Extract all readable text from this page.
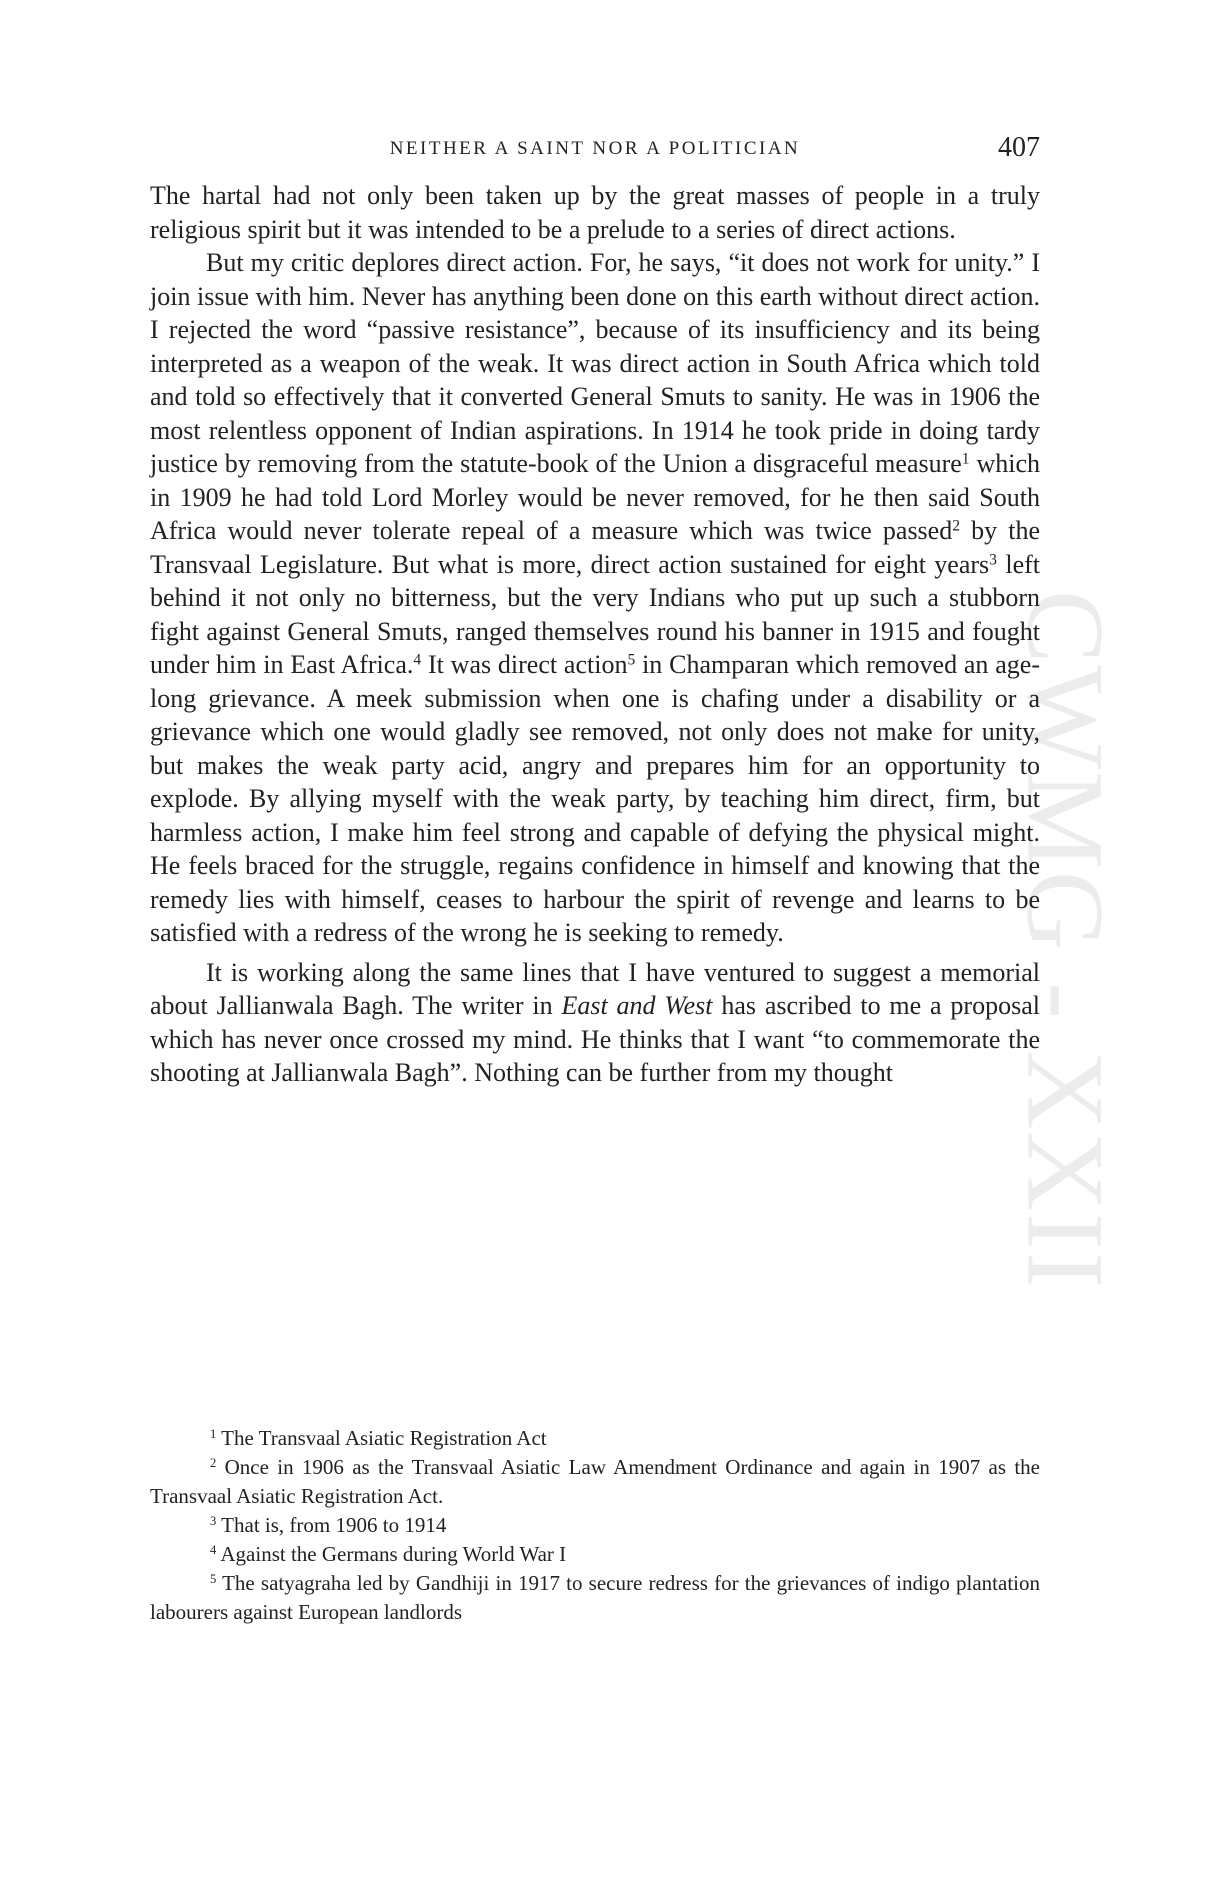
CWMG - XXII
NEITHER A SAINT NOR A POLITICIAN	407

The hartal had not only been taken up by the great masses of people in a truly religious spirit but it was intended to be a prelude to a series of direct actions.

But my critic deplores direct action. For, he says, “it does not work for unity.” I join issue with him. Never has anything been done on this earth without direct action. I rejected the word “passive resistance”, because of its insufficiency and its being interpreted as a weapon of the weak. It was direct action in South Africa which told and told so effectively that it converted General Smuts to sanity. He was in 1906 the most relentless opponent of Indian aspirations. In 1914 he took pride in doing tardy justice by removing from the statute-book of the Union a disgraceful measure$^1$ which in 1909 he had told Lord Morley would be never removed, for he then said South Africa would never tolerate repeal of a measure which was twice passed$^2$ by the Transvaal Legislature. But what is more, direct action sustained for eight years$^3$ left behind it not only no bitterness, but the very Indians who put up such a stubborn fight against General Smuts, ranged themselves round his banner in 1915 and fought under him in East Africa.$^4$ It was direct action$^5$ in Champaran which removed an age-long grievance. A meek submission when one is chafing under a disability or a grievance which one would gladly see removed, not only does not make for unity, but makes the weak party acid, angry and prepares him for an opportunity to explode. By allying myself with the weak party, by teaching him direct, firm, but harmless action, I make him feel strong and capable of defying the physical might. He feels braced for the struggle, regains confidence in himself and knowing that the remedy lies with himself, ceases to harbour the spirit of revenge and learns to be satisfied with a redress of the wrong he is seeking to remedy.

It is working along the same lines that I have ventured to suggest a memorial about Jallianwala Bagh. The writer in East and West has ascribed to me a proposal which has never once crossed my mind. He thinks that I want “to commemorate the shooting at Jallianwala Bagh”. Nothing can be further from my thought

$^1$ The Transvaal Asiatic Registration Act

$^2$ Once in 1906 as the Transvaal Asiatic Law Amendment Ordinance and again in 1907 as the Transvaal Asiatic Registration Act.

$^3$ That is, from 1906 to 1914

$^4$ Against the Germans during World War I

$^5$ The satyagraha led by Gandhiji in 1917 to secure redress for the grievances of indigo plantation labourers against European landlords
